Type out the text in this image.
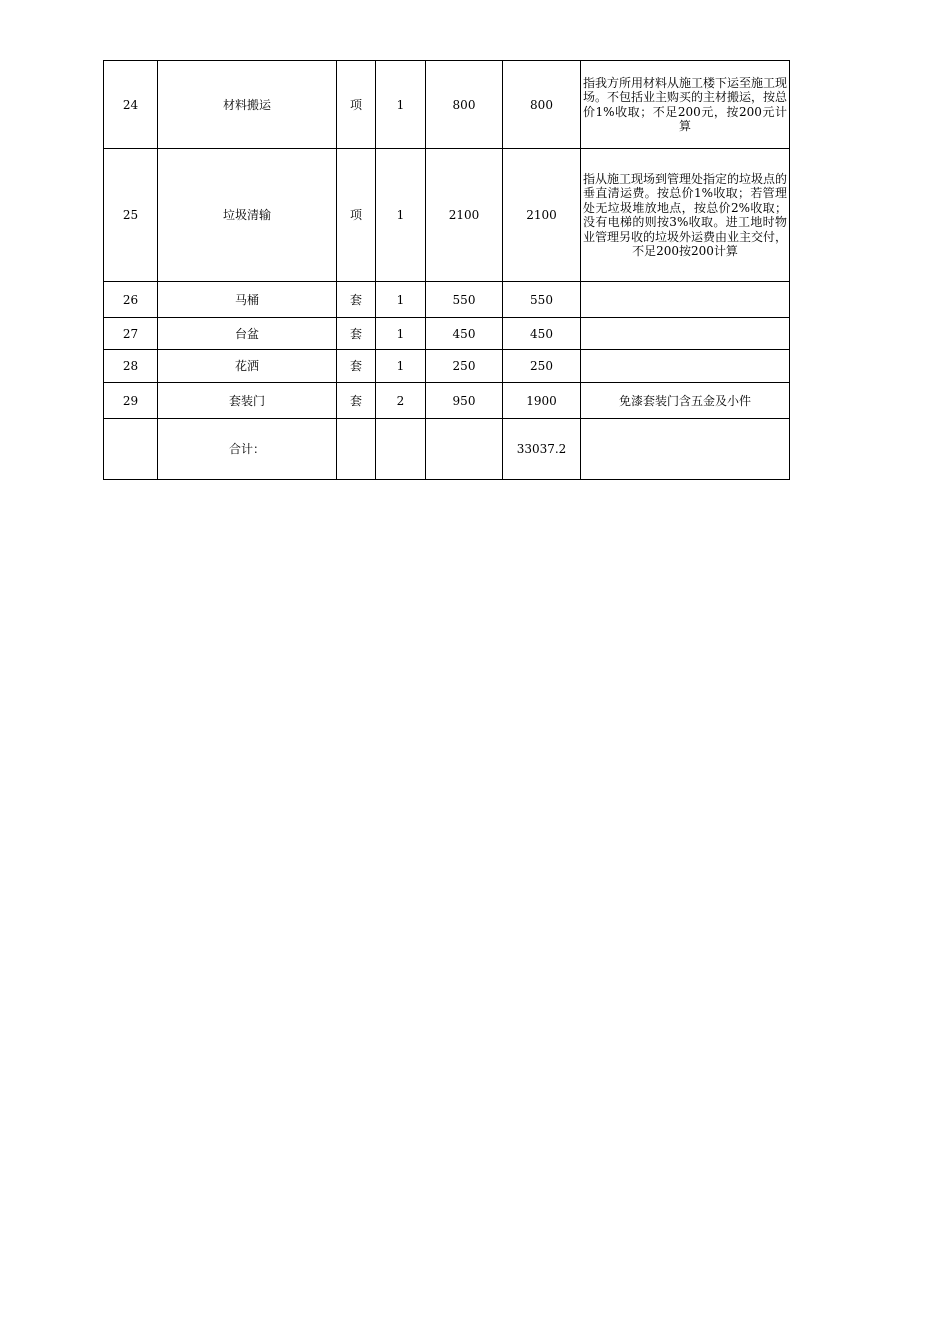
24	材料搬运	项	1	800	800	指我方所用材料从施工楼下运至施工现场。不包括业主购买的主材搬运，按总价1%收取；不足200元，按200元计算
25	垃圾清输	项	1	2100	2100	指从施工现场到管理处指定的垃圾点的垂直清运费。按总价1%收取；若管理处无垃圾堆放地点，按总价2%收取；没有电梯的则按3%收取。进工地时物业管理另收的垃圾外运费由业主交付，不足200按200计算
26	马桶	套	1	550	550	
27	台盆	套	1	450	450	
28	花洒	套	1	250	250	
29	套装门	套	2	950	1900	免漆套装门含五金及小件
	合计：				33037.2	
